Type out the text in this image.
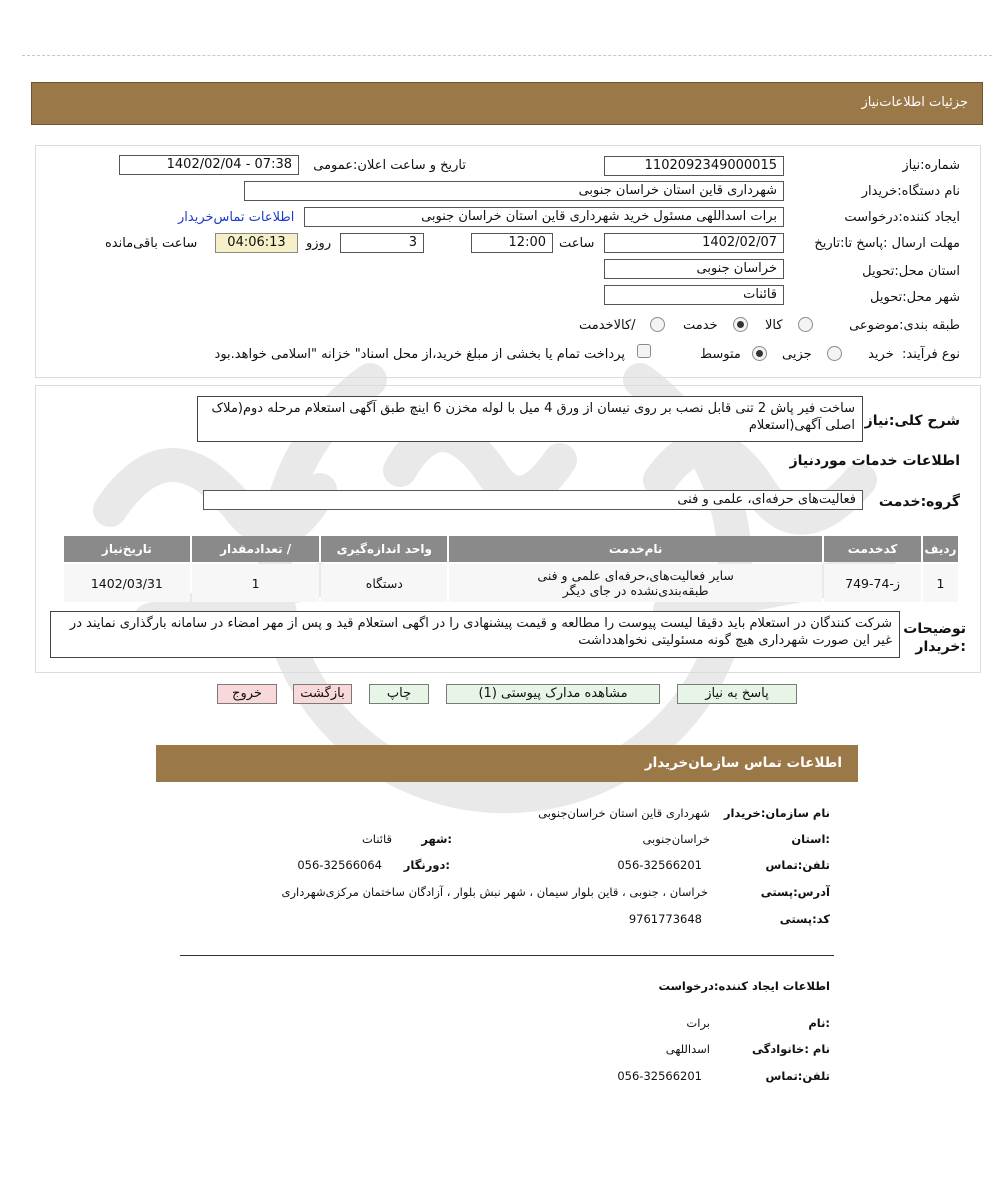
جزئیات اطلاعات‌نیاز
شماره:نیاز
1102092349000015
تاریخ و ساعت اعلان:عمومی
1402/02/04 - 07:38
نام دستگاه:خریدار
شهرداری قاین استان خراسان جنوبی
ایجاد کننده:درخواست
برات اسداللهی مسئول خرید شهرداری قاین استان خراسان جنوبی
اطلاعات تماس‌خریدار
مهلت ارسال :پاسخ تا:تاریخ
1402/02/07
ساعت
12:00
3
روزو
04:06:13
ساعت باقی‌مانده
استان محل:تحویل
خراسان جنوبی
شهر محل:تحویل
قائنات
طبقه بندی:موضوعی
کالا
خدمت
/کالاخدمت
نوع فرآیند:  خرید
جزیی
متوسط
پرداخت تمام یا بخشی از مبلغ خرید،از محل اسناد" خزانه "اسلامی خواهد.بود
شرح کلی:نیاز
ساخت فیر پاش 2 تنی قابل نصب بر روی نیسان از ورق 4 میل با لوله مخزن 6 اینچ طبق آگهی استعلام مرحله دوم(ملاک اصلی آگهی(استعلام
اطلاعات خدمات موردنیاز
گروه:خدمت
فعالیت‌های حرفه‌ای، علمی و فنی
ردیف	کدخدمت	نام‌خدمت	واحد اندازه‌گیری	/ تعدادمقدار	تاریخ‌نیاز
1	ز-74-749	سایر فعالیت‌های،حرفه‌ای علمی و فنی
طبقه‌بندی‌نشده در جای دیگر	دستگاه	1	1402/03/31
توضیحات
:خریدار
شرکت کنندگان در استعلام باید دقیقا لیست پیوست را مطالعه و قیمت پیشنهادی را در اگهی استعلام قید و پس از مهر امضاء در سامانه بارگذاری نمایند در غیر این صورت شهرداری هیچ گونه مسئولیتی نخواهدداشت
پاسخ به نیاز
مشاهده مدارک پیوستی (1)
چاپ
بازگشت
خروج
اطلاعات تماس سازمان‌خریدار
نام سازمان:خریدار
شهرداری قاین استان خراسان‌جنوبی
:استان
خراسان‌جنوبی
:شهر
قائنات
تلفن:تماس
056-32566201
:دورنگار
056-32566064
آدرس:پستی
خراسان ، جنوبی ، قاین بلوار سیمان ، شهر نبش بلوار ، آزادگان ساختمان مرکزی‌شهرداری
کد:پستی
9761773648
اطلاعات ایجاد کننده:درخواست
:نام
برات
نام :خانوادگی
اسداللهی
تلفن:تماس
056-32566201
